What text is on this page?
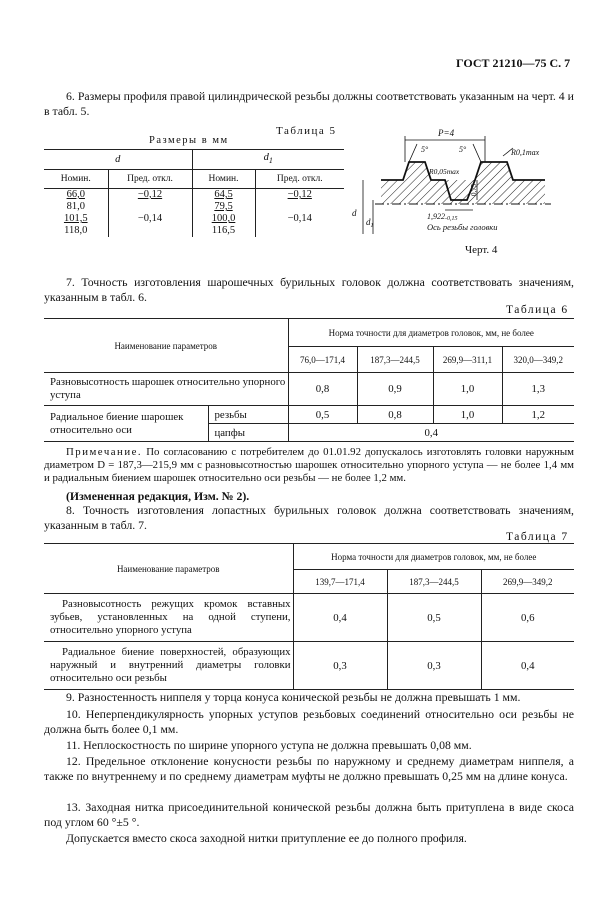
ГОСТ 21210—75 С. 7
6. Размеры профиля правой цилиндрической резьбы должны соответствовать указанным на черт. 4 и в табл. 5.
Таблица 5
Размеры в мм
d		$d_1$
Номин.	Пред. откл.	Номин.	Пред. откл.
66,0	−0,12	64,5	−0,12
81,0	−0,14	79,5	−0,14
101,5		100,0	
118,0		116,5	
P=4
5°	5°	R0,1max
R0,05max
0,75
1,922-0,15
Ось резьбы головки
d
$d_1$
Черт. 4
7. Точность изготовления шарошечных бурильных головок должна соответствовать значениям, указанным в табл. 6.
Таблица 6
Наименование параметров		Норма точности для диаметров головок, мм, не более			
		76,0—171,4	187,3—244,5	269,9—311,1	320,0—349,2
Разновысотность шарошек относительно упорного уступа		0,8	0,9	1,0	1,3
Радиальное биение шарошек относительно оси	резьбы	0,5	0,8	1,0	1,2
	цапфы	0,4			
Примечание. По согласованию с потребителем до 01.01.92 допускалось изготовлять головки наружным диаметром D = 187,3—215,9 мм с разновысотностью шарошек относительно упорного уступа — не более 1,4 мм и радиальным биением шарошек относительно оси резьбы — не более 1,2 мм.
(Измененная редакция, Изм. № 2).
8. Точность изготовления лопастных бурильных головок должна соответствовать значениям, указанным в табл. 7.
Таблица 7
Наименование параметров	Норма точности для диаметров головок, мм, не более		
	139,7—171,4	187,3—244,5	269,9—349,2
Разновысотность режущих кромок вставных зубьев, установленных на одной ступени, относительно упорного уступа	0,4	0,5	0,6
Радиальное биение поверхностей, образующих наружный и внутренний диаметры головки относительно оси резьбы	0,3	0,3	0,4
9. Разностенность ниппеля у торца конуса конической резьбы не должна превышать 1 мм.
10. Неперпендикулярность упорных уступов резьбовых соединений относительно оси резьбы не должна быть более 0,1 мм.
11. Неплоскостность по ширине упорного уступа не должна превышать 0,08 мм.
12. Предельное отклонение конусности резьбы по наружному и среднему диаметрам ниппеля, а также по внутреннему и по среднему диаметрам муфты не должно превышать 0,25 мм на длине конуса.
13. Заходная нитка присоединительной конической резьбы должна быть притуплена в виде скоса под углом 60 °±5 °.
Допускается вместо скоса заходной нитки притупление ее до полного профиля.
